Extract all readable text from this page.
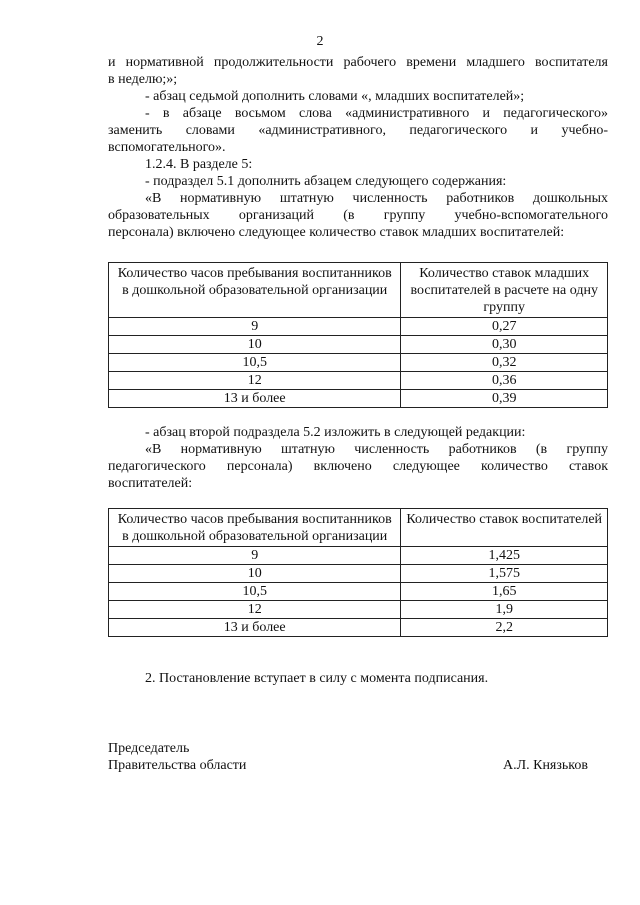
2

и нормативной продолжительности рабочего времени младшего воспитателя

в неделю;»;

- абзац седьмой дополнить словами «, младших воспитателей»;

- в абзаце восьмом слова «административного и педагогического»

заменить словами «административного, педагогического и учебно-

вспомогательного».

1.2.4. В разделе 5:

- подраздел 5.1 дополнить абзацем следующего содержания:

«В нормативную штатную численность работников дошкольных

образовательных организаций (в группу учебно-вспомогательного

персонала) включено следующее количество ставок младших воспитателей:

Количество часов пребывания воспитанников в дошкольной образовательной организации	Количество ставок младших воспитателей в расчете на одну группу
9	0,27
10	0,30
10,5	0,32
12	0,36
13 и более	0,39

- абзац второй подраздела 5.2 изложить в следующей редакции:

«В нормативную штатную численность работников (в группу

педагогического персонала) включено следующее количество ставок

воспитателей:

Количество часов пребывания воспитанников в дошкольной образовательной организации	Количество ставок воспитателей
9	1,425
10	1,575
10,5	1,65
12	1,9
13 и более	2,2

2. Постановление вступает в силу с момента подписания.

Председатель
Правительства области	А.Л. Князьков
